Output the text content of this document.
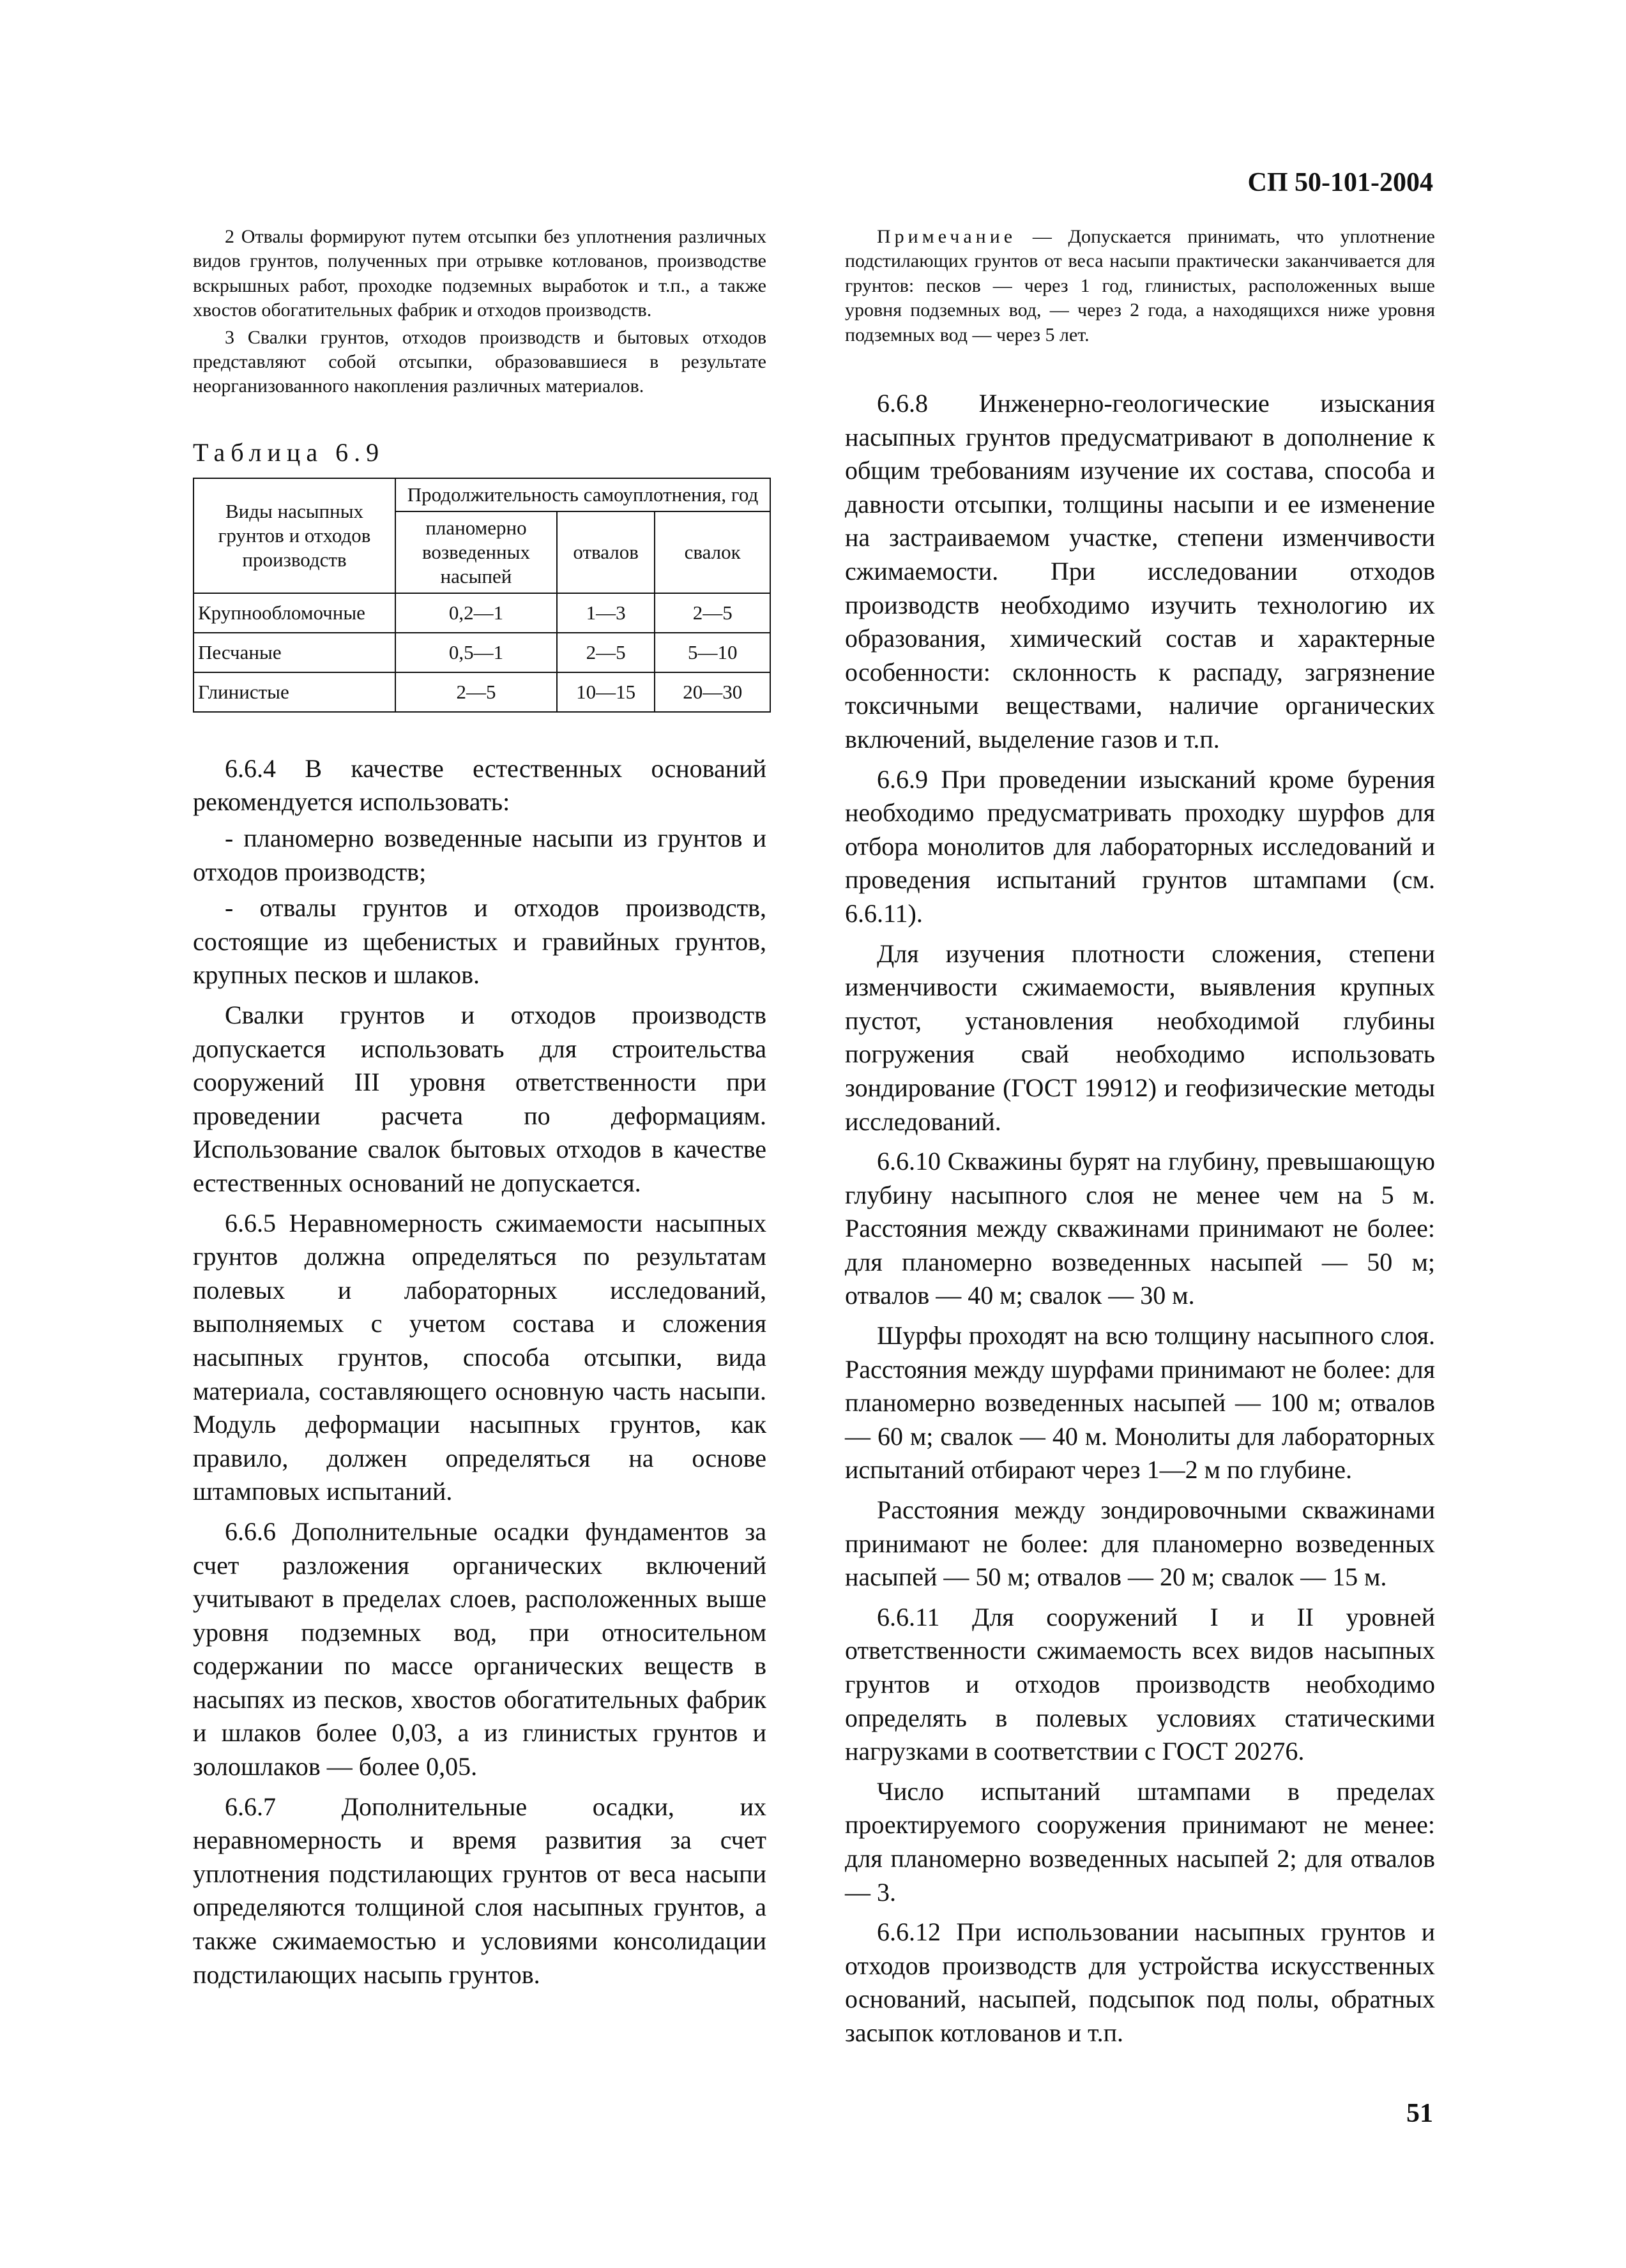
СП 50-101-2004

2 Отвалы формируют путем отсыпки без уплотнения различных видов грунтов, полученных при отрывке котлованов, производстве вскрышных работ, проходке подземных выработок и т.п., а также хвостов обогатительных фабрик и отходов производств.

3 Свалки грунтов, отходов производств и бытовых отходов представляют собой отсыпки, образовавшиеся в результате неорганизованного накопления различных материалов.

Таблица 6.9
Виды насыпных грунтов и отходов производств	Продолжительность самоуплотнения, год		
	планомерно возведенных насыпей	отвалов	свалок
Крупнообломочные	0,2—1	1—3	2—5
Песчаные	0,5—1	2—5	5—10
Глинистые	2—5	10—15	20—30

6.6.4 В качестве естественных оснований рекомендуется использовать:

- планомерно возведенные насыпи из грунтов и отходов производств;

- отвалы грунтов и отходов производств, состоящие из щебенистых и гравийных грунтов, крупных песков и шлаков.

Свалки грунтов и отходов производств допускается использовать для строительства сооружений III уровня ответственности при проведении расчета по деформациям. Использование свалок бытовых отходов в качестве естественных оснований не допускается.

6.6.5 Неравномерность сжимаемости насыпных грунтов должна определяться по результатам полевых и лабораторных исследований, выполняемых с учетом состава и сложения насыпных грунтов, способа отсыпки, вида материала, составляющего основную часть насыпи. Модуль деформации насыпных грунтов, как правило, должен определяться на основе штамповых испытаний.

6.6.6 Дополнительные осадки фундаментов за счет разложения органических включений учитывают в пределах слоев, расположенных выше уровня подземных вод, при относительном содержании по массе органических веществ в насыпях из песков, хвостов обогатительных фабрик и шлаков более 0,03, а из глинистых грунтов и золошлаков — более 0,05.

6.6.7 Дополнительные осадки, их неравномерность и время развития за счет уплотнения подстилающих грунтов от веса насыпи определяются толщиной слоя насыпных грунтов, а также сжимаемостью и условиями консолидации подстилающих насыпь грунтов.

Примечание — Допускается принимать, что уплотнение подстилающих грунтов от веса насыпи практически заканчивается для грунтов: песков — через 1 год, глинистых, расположенных выше уровня подземных вод, — через 2 года, а находящихся ниже уровня подземных вод — через 5 лет.

6.6.8 Инженерно-геологические изыскания насыпных грунтов предусматривают в дополнение к общим требованиям изучение их состава, способа и давности отсыпки, толщины насыпи и ее изменение на застраиваемом участке, степени изменчивости сжимаемости. При исследовании отходов производств необходимо изучить технологию их образования, химический состав и характерные особенности: склонность к распаду, загрязнение токсичными веществами, наличие органических включений, выделение газов и т.п.

6.6.9 При проведении изысканий кроме бурения необходимо предусматривать проходку шурфов для отбора монолитов для лабораторных исследований и проведения испытаний грунтов штампами (см. 6.6.11).

Для изучения плотности сложения, степени изменчивости сжимаемости, выявления крупных пустот, установления необходимой глубины погружения свай необходимо использовать зондирование (ГОСТ 19912) и геофизические методы исследований.

6.6.10 Скважины бурят на глубину, превышающую глубину насыпного слоя не менее чем на 5 м. Расстояния между скважинами принимают не более: для планомерно возведенных насыпей — 50 м; отвалов — 40 м; свалок — 30 м.

Шурфы проходят на всю толщину насыпного слоя. Расстояния между шурфами принимают не более: для планомерно возведенных насыпей — 100 м; отвалов — 60 м; свалок — 40 м. Монолиты для лабораторных испытаний отбирают через 1—2 м по глубине.

Расстояния между зондировочными скважинами принимают не более: для планомерно возведенных насыпей — 50 м; отвалов — 20 м; свалок — 15 м.

6.6.11 Для сооружений I и II уровней ответственности сжимаемость всех видов насыпных грунтов и отходов производств необходимо определять в полевых условиях статическими нагрузками в соответствии с ГОСТ 20276.

Число испытаний штампами в пределах проектируемого сооружения принимают не менее: для планомерно возведенных насыпей 2; для отвалов — 3.

6.6.12 При использовании насыпных грунтов и отходов производств для устройства искусственных оснований, насыпей, подсыпок под полы, обратных засыпок котлованов и т.п.

51
